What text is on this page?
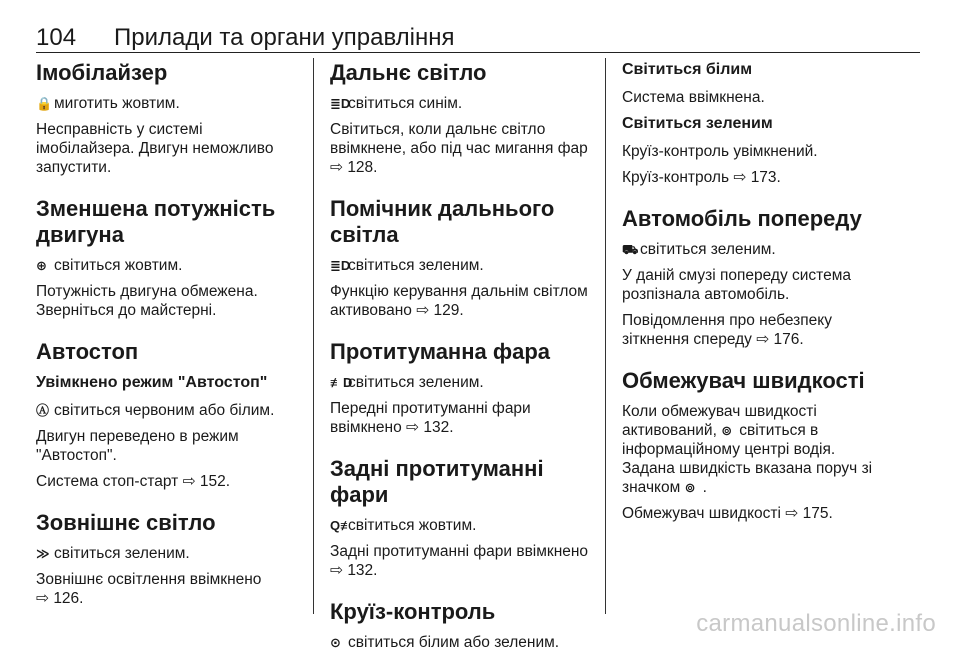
104 Прилади та органи управління
Імобілайзер

🔒 миготить жовтим.

Несправність у системі імобілайзера. Двигун неможливо запустити.

Зменшена потужність двигуна

⊕ світиться жовтим.

Потужність двигуна обмежена. Зверніться до майстерні.

Автостоп
Увімкнено режим "Автостоп"

Ⓐ світиться червоним або білим.

Двигун переведено в режим "Автостоп".

Система стоп-старт ⇨ 152.

Зовнішнє світло

≫ світиться зеленим.

Зовнішнє освітлення ввімкнено
⇨ 126.

Дальнє світло

≣Dсвітиться синім.

Світиться, коли дальнє світло ввімкнене, або під час мигання фар ⇨ 128.

Помічник дальнього світла

≣Dсвітиться зеленим.

Функцію керування дальнім світлом активовано ⇨ 129.

Протитуманна фара

≢Dсвітиться зеленим.

Передні протитуманні фари ввімкнено ⇨ 132.

Задні протитуманні фари

Q≢світиться жовтим.

Задні протитуманні фари ввімкнено ⇨ 132.

Круїз-контроль

⊙ світиться білим або зеленим.

Світиться білим

Система ввімкнена.

Світиться зеленим

Круїз-контроль увімкнений.

Круїз-контроль ⇨ 173.

Автомобіль попереду

⛟ світиться зеленим.

У даній смузі попереду система розпізнала автомобіль.

Повідомлення про небезпеку зіткнення спереду ⇨ 176.

Обмежувач швидкості

Коли обмежувач швидкості активований, ⊚ світиться в інформаційному центрі водія. Задана швидкість вказана поруч зі значком ⊚ .

Обмежувач швидкості ⇨ 175.

carmanualsonline.info
